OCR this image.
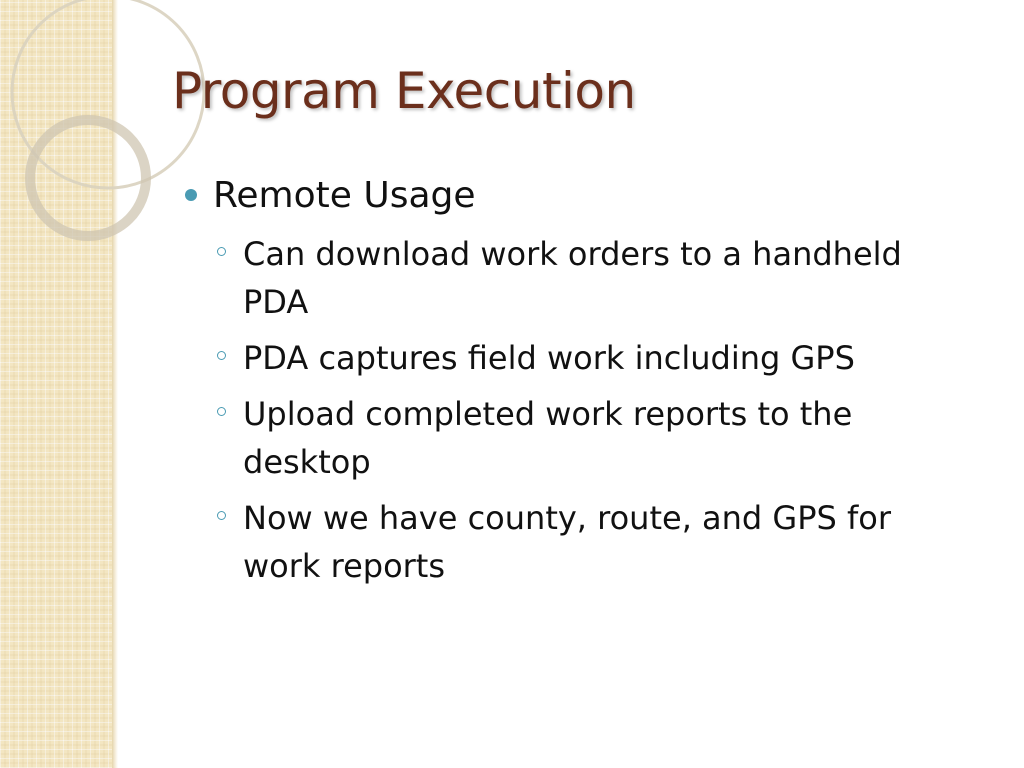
Program Execution
Remote Usage
Can download work orders to a handheld PDA
PDA captures field work including GPS
Upload completed work reports to the desktop
Now we have county, route, and GPS for work reports
